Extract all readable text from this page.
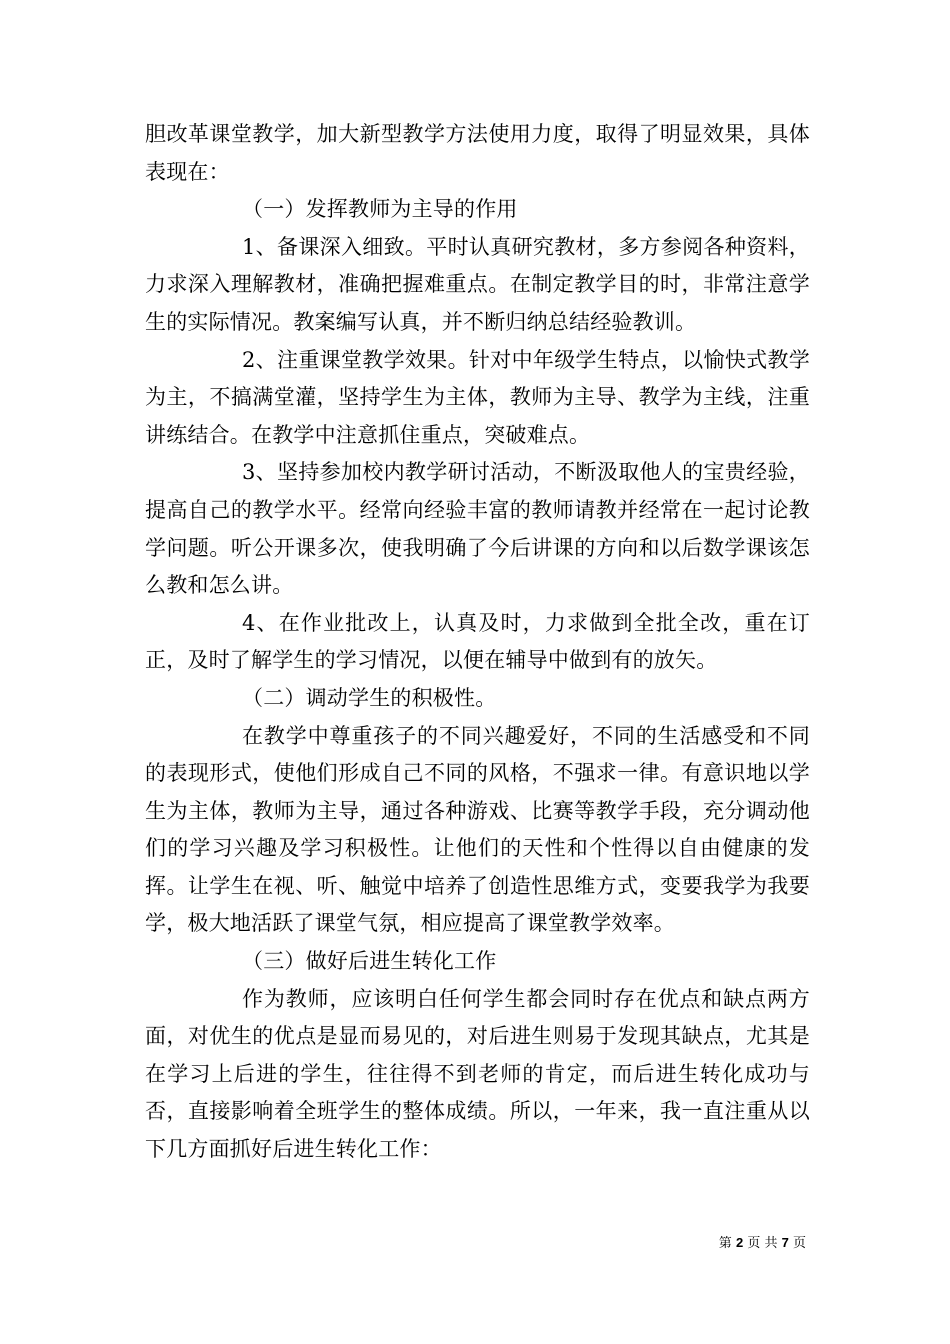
胆改革课堂教学，加大新型教学方法使用力度，取得了明显效果，具体表现在：

（一）发挥教师为主导的作用

1、备课深入细致。平时认真研究教材，多方参阅各种资料，力求深入理解教材，准确把握难重点。在制定教学目的时，非常注意学生的实际情况。教案编写认真，并不断归纳总结经验教训。

2、注重课堂教学效果。针对中年级学生特点，以愉快式教学为主，不搞满堂灌，坚持学生为主体，教师为主导、教学为主线，注重讲练结合。在教学中注意抓住重点，突破难点。

3、坚持参加校内教学研讨活动，不断汲取他人的宝贵经验，提高自己的教学水平。经常向经验丰富的教师请教并经常在一起讨论教学问题。听公开课多次，使我明确了今后讲课的方向和以后数学课该怎么教和怎么讲。

4、在作业批改上，认真及时，力求做到全批全改，重在订正，及时了解学生的学习情况，以便在辅导中做到有的放矢。

（二）调动学生的积极性。

在教学中尊重孩子的不同兴趣爱好，不同的生活感受和不同的表现形式，使他们形成自己不同的风格，不强求一律。有意识地以学生为主体，教师为主导，通过各种游戏、比赛等教学手段，充分调动他们的学习兴趣及学习积极性。让他们的天性和个性得以自由健康的发挥。让学生在视、听、触觉中培养了创造性思维方式，变要我学为我要学，极大地活跃了课堂气氛，相应提高了课堂教学效率。

（三）做好后进生转化工作

作为教师，应该明白任何学生都会同时存在优点和缺点两方面，对优生的优点是显而易见的，对后进生则易于发现其缺点，尤其是在学习上后进的学生，往往得不到老师的肯定，而后进生转化成功与否，直接影响着全班学生的整体成绩。所以，一年来，我一直注重从以下几方面抓好后进生转化工作：

第 2 页 共 7 页
